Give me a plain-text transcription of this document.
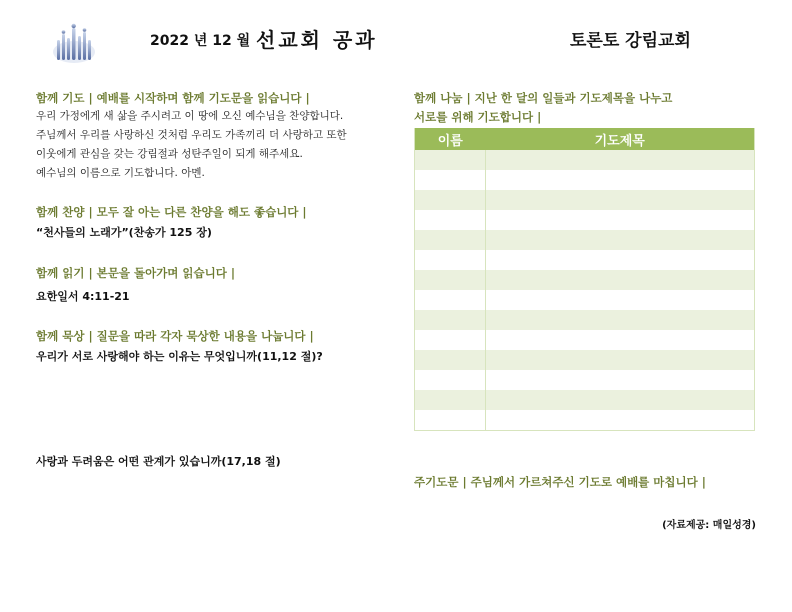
2022 년 12 월 선교회 공과	토론토 강림교회
함께 기도 | 예배를 시작하며 함께 기도문을 읽습니다 |
우리 가정에게 새 삶을 주시려고 이 땅에 오신 예수님을 찬양합니다.
주님께서 우리를 사랑하신 것처럼 우리도 가족끼리 더 사랑하고 또한
이웃에게 관심을 갖는 강림절과 성탄주일이 되게 해주세요.
예수님의 이름으로 기도합니다. 아멘.
함께 찬양 | 모두 잘 아는 다른 찬양을 해도 좋습니다 |
“천사들의 노래가”(찬송가 125 장)
함께 읽기 | 본문을 돌아가며 읽습니다 |
요한일서 4:11-21
함께 묵상 | 질문을 따라 각자 묵상한 내용을 나눕니다 |
우리가 서로 사랑해야 하는 이유는 무엇입니까(11,12 절)?
사랑과 두려움은 어떤 관계가 있습니까(17,18 절)
함께 나눔 | 지난 한 달의 일들과 기도제목을 나누고
서로를 위해 기도합니다 |
이름	기도제목

주기도문 | 주님께서 가르쳐주신 기도로 예배를 마칩니다 |
(자료제공: 매일성경)
